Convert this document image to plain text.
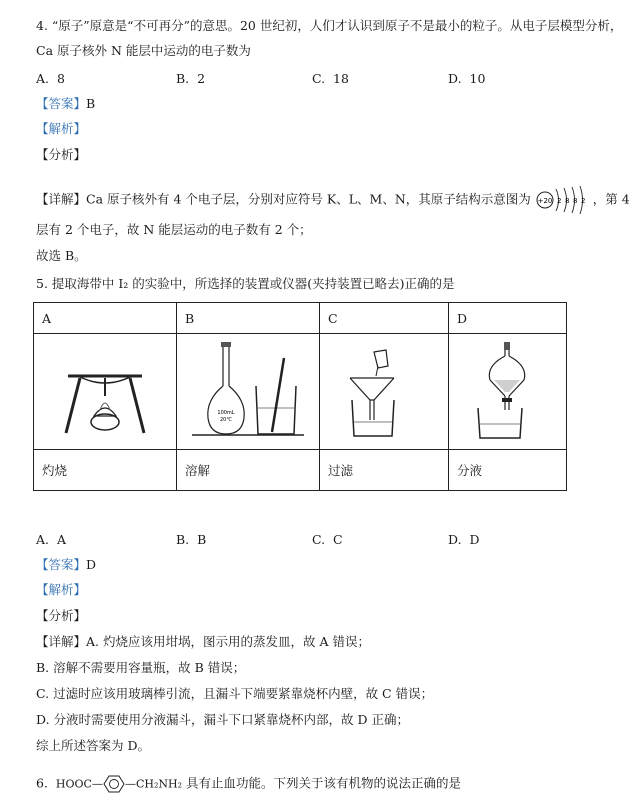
4. “原子”原意是“不可再分”的意思。20 世纪初，人们才认识到原子不是最小的粒子。从电子层模型分析，
Ca 原子核外 N 能层中运动的电子数为
A. 8	B. 2	C. 18	D. 10
【答案】B
【解析】
【分析】
【详解】Ca 原子核外有 4 个电子层，分别对应符号 K、L、M、N，其原子结构示意图为 +20 2 8 8 2 ，第 4
层有 2 个电子，故 N 能层运动的电子数有 2 个；
故选 B。
5. 提取海带中 I₂ 的实验中，所选择的装置或仪器(夹持装置已略去)正确的是
A	B	C	D

100mL
20℃

灼烧	溶解	过滤	分液
A. A	B. B	C. C	D. D
【答案】D
【解析】
【分析】
【详解】A. 灼烧应该用坩埚，图示用的蒸发皿，故 A 错误；
B. 溶解不需要用容量瓶，故 B 错误；
C. 过滤时应该用玻璃棒引流，且漏斗下端要紧靠烧杯内壁，故 C 错误；
D. 分液时需要使用分液漏斗，漏斗下口紧靠烧杯内部，故 D 正确；
综上所述答案为 D。
6. HOOC— —CH₂NH₂ 具有止血功能。下列关于该有机物的说法正确的是
